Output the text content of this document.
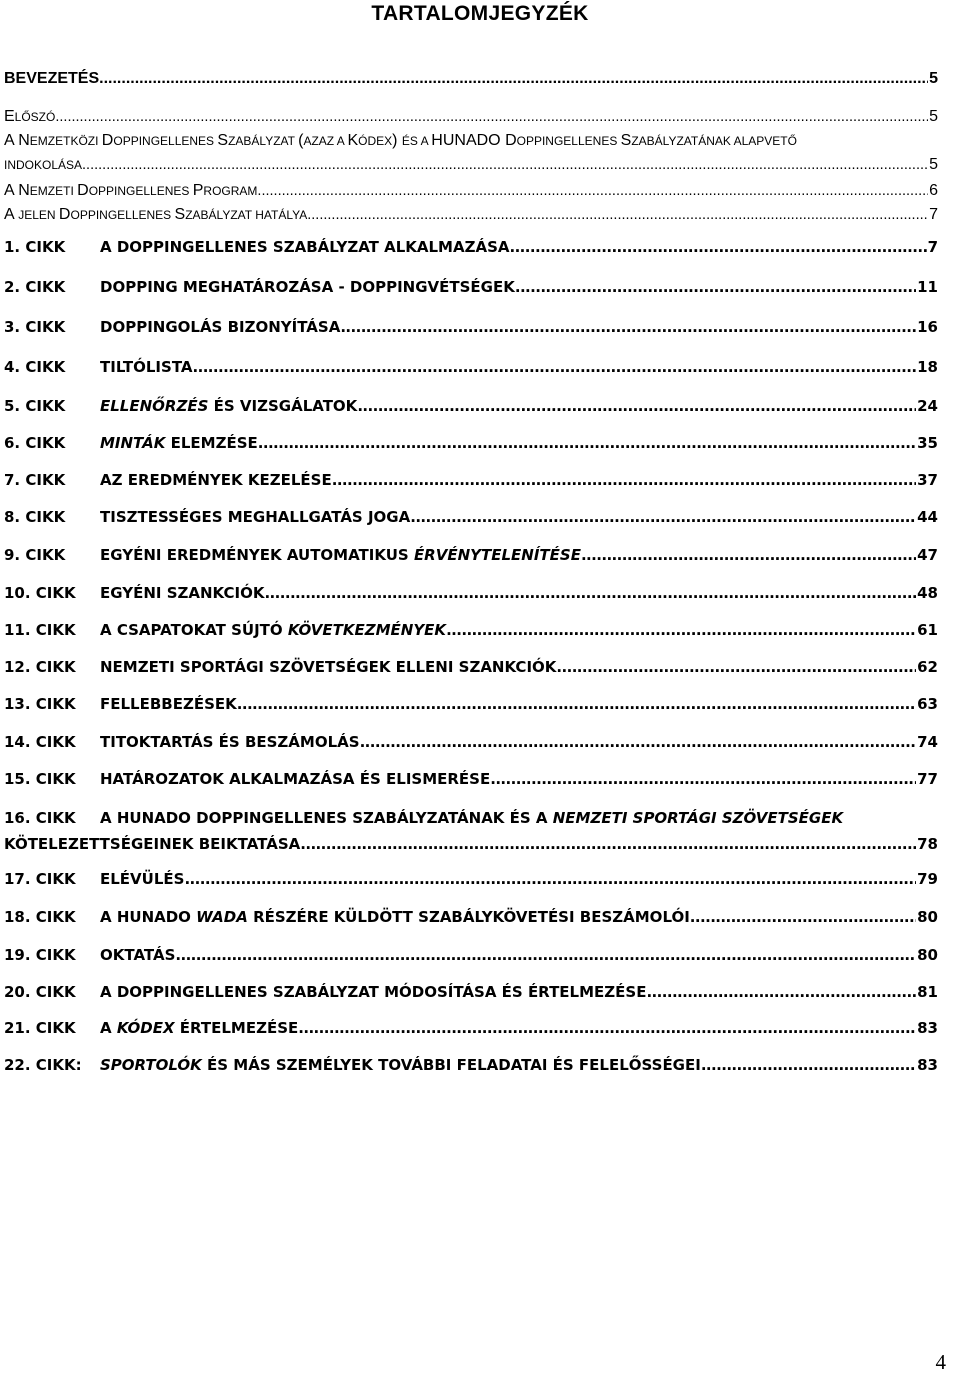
TARTALOMJEGYZÉK
BEVEZETÉS .....	5
E LŐSZÓ .....	5
A N EMZETKÖZI D OPPINGELLENES S ZABÁLYZAT ( AZAZ A K ÓDEX ) ÉS A HUNADO D OPPINGELLENES S ZABÁLYZATÁNAK ALAPVETŐ
INDOKOLÁSA .....	5
A N EMZETI D OPPINGELLENES P ROGRAM .....	6
A JELEN D OPPINGELLENES S ZABÁLYZAT HATÁLYA .....	7
1. CIKK	A DOPPINGELLENES SZABÁLYZAT ALKALMAZÁSA .....	7
2. CIKK	DOPPING MEGHATÁROZÁSA - DOPPINGVÉTSÉGEK .....	11
3. CIKK	DOPPINGOLÁS BIZONYÍTÁSA .....	16
4. CIKK	TILTÓLISTA .....	18
5. CIKK	ELLENŐRZÉS ÉS VIZSGÁLATOK .....	24
6. CIKK	MINTÁK ELEMZÉSE .....	35
7. CIKK	AZ EREDMÉNYEK KEZELÉSE .....	37
8. CIKK	TISZTESSÉGES MEGHALLGATÁS JOGA .....	44
9. CIKK	EGYÉNI EREDMÉNYEK AUTOMATIKUS ÉRVÉNYTELENÍTÉSE .....	47
10. CIKK	EGYÉNI SZANKCIÓK .....	48
11. CIKK	A CSAPATOKAT SÚJTÓ KÖVETKEZMÉNYEK .....	61
12. CIKK	NEMZETI SPORTÁGI SZÖVETSÉGEK ELLENI SZANKCIÓK .....	62
13. CIKK	FELLEBBEZÉSEK .....	63
14. CIKK	TITOKTARTÁS ÉS BESZÁMOLÁS .....	74
15. CIKK	HATÁROZATOK ALKALMAZÁSA ÉS ELISMERÉSE .....	77
16. CIKK A HUNADO DOPPINGELLENES SZABÁLYZATÁNAK ÉS A NEMZETI SPORTÁGI SZÖVETSÉGEK
KÖTELEZETTSÉGEINEK BEIKTATÁSA .....	78
17. CIKK	ELÉVÜLÉS .....	79
18. CIKK	A HUNADO WADA RÉSZÉRE KÜLDÖTT SZABÁLYKÖVETÉSI BESZÁMOLÓI .....	80
19. CIKK	OKTATÁS .....	80
20. CIKK	A DOPPINGELLENES SZABÁLYZAT MÓDOSÍTÁSA ÉS ÉRTELMEZÉSE .....	81
21. CIKK	A KÓDEX ÉRTELMEZÉSE .....	83
22. CIKK:	SPORTOLÓK ÉS MÁS SZEMÉLYEK TOVÁBBI FELADATAI ÉS FELELŐSSÉGEI .....	83
4
